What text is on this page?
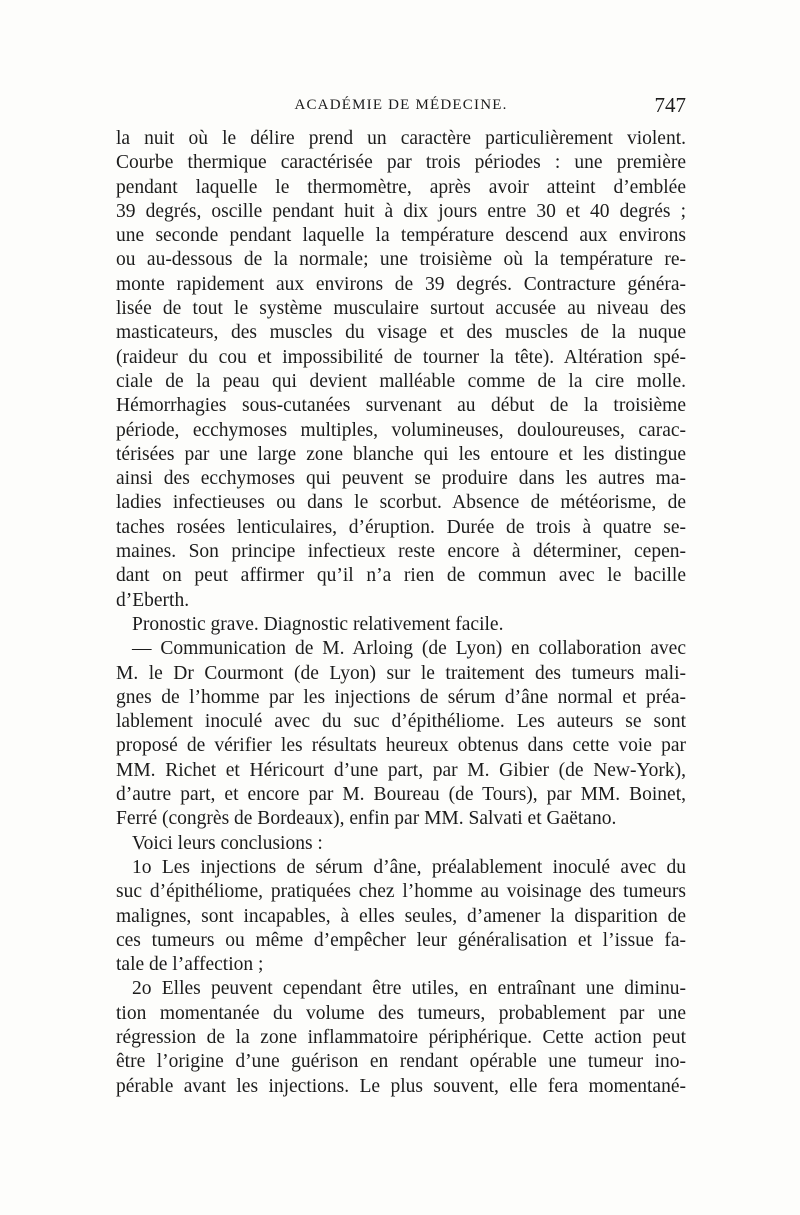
ACADÉMIE DE MÉDECINE.	747
la nuit où le délire prend un caractère particulièrement violent.
Courbe thermique caractérisée par trois périodes : une première
pendant laquelle le thermomètre, après avoir atteint d’emblée
39 degrés, oscille pendant huit à dix jours entre 30 et 40 degrés ;
une seconde pendant laquelle la température descend aux environs
ou au-dessous de la normale; une troisième où la température re-
monte rapidement aux environs de 39 degrés. Contracture généra-
lisée de tout le système musculaire surtout accusée au niveau des
masticateurs, des muscles du visage et des muscles de la nuque
(raideur du cou et impossibilité de tourner la tête). Altération spé-
ciale de la peau qui devient malléable comme de la cire molle.
Hémorrhagies sous-cutanées survenant au début de la troisième
période, ecchymoses multiples, volumineuses, douloureuses, carac-
térisées par une large zone blanche qui les entoure et les distingue
ainsi des ecchymoses qui peuvent se produire dans les autres ma-
ladies infectieuses ou dans le scorbut. Absence de météorisme, de
taches rosées lenticulaires, d’éruption. Durée de trois à quatre se-
maines. Son principe infectieux reste encore à déterminer, cepen-
dant on peut affirmer qu’il n’a rien de commun avec le bacille
d’Eberth.
Pronostic grave. Diagnostic relativement facile.
— Communication de M. Arloing (de Lyon) en collaboration avec
M. le Dr Courmont (de Lyon) sur le traitement des tumeurs mali-
gnes de l’homme par les injections de sérum d’âne normal et préa-
lablement inoculé avec du suc d’épithéliome. Les auteurs se sont
proposé de vérifier les résultats heureux obtenus dans cette voie par
MM. Richet et Héricourt d’une part, par M. Gibier (de New-York),
d’autre part, et encore par M. Boureau (de Tours), par MM. Boinet,
Ferré (congrès de Bordeaux), enfin par MM. Salvati et Gaëtano.
Voici leurs conclusions :
1o Les injections de sérum d’âne, préalablement inoculé avec du
suc d’épithéliome, pratiquées chez l’homme au voisinage des tumeurs
malignes, sont incapables, à elles seules, d’amener la disparition de
ces tumeurs ou même d’empêcher leur généralisation et l’issue fa-
tale de l’affection ;
2o Elles peuvent cependant être utiles, en entraînant une diminu-
tion momentanée du volume des tumeurs, probablement par une
régression de la zone inflammatoire périphérique. Cette action peut
être l’origine d’une guérison en rendant opérable une tumeur ino-
pérable avant les injections. Le plus souvent, elle fera momentané-
